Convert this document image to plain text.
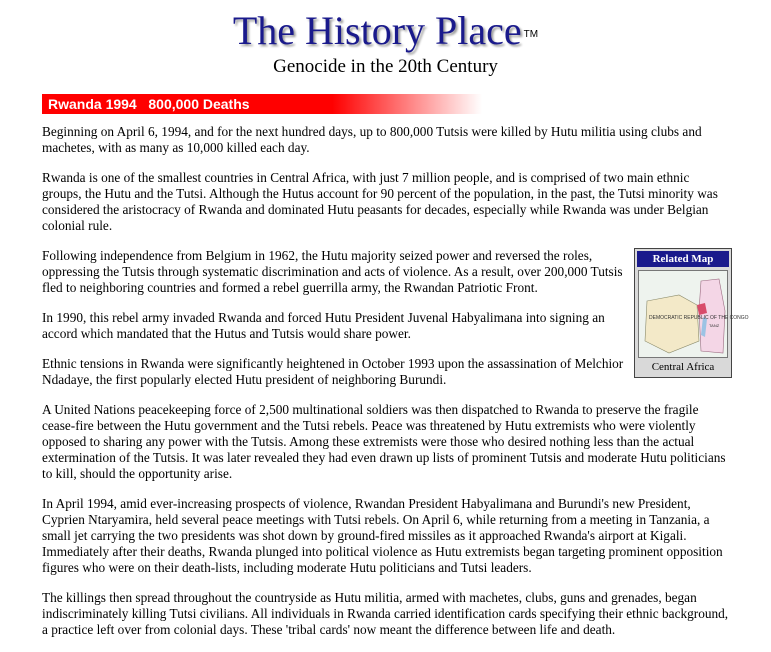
The History Place ™
Genocide in the 20th Century
Rwanda 1994   800,000 Deaths

Beginning on April 6, 1994, and for the next hundred days, up to 800,000 Tutsis were killed by Hutu militia using clubs and machetes, with as many as 10,000 killed each day.

Rwanda is one of the smallest countries in Central Africa, with just 7 million people, and is comprised of two main ethnic groups, the Hutu and the Tutsi. Although the Hutus account for 90 percent of the population, in the past, the Tutsi minority was considered the aristocracy of Rwanda and dominated Hutu peasants for decades, especially while Rwanda was under Belgian colonial rule.

Related Map
DEMOCRATIC REPUBLIC OF THE CONGO
TANZ
Central Africa

Following independence from Belgium in 1962, the Hutu majority seized power and reversed the roles, oppressing the Tutsis through systematic discrimination and acts of violence. As a result, over 200,000 Tutsis fled to neighboring countries and formed a rebel guerrilla army, the Rwandan Patriotic Front.

In 1990, this rebel army invaded Rwanda and forced Hutu President Juvenal Habyalimana into signing an accord which mandated that the Hutus and Tutsis would share power.

Ethnic tensions in Rwanda were significantly heightened in October 1993 upon the assassination of Melchior Ndadaye, the first popularly elected Hutu president of neighboring Burundi.

A United Nations peacekeeping force of 2,500 multinational soldiers was then dispatched to Rwanda to preserve the fragile cease-fire between the Hutu government and the Tutsi rebels. Peace was threatened by Hutu extremists who were violently opposed to sharing any power with the Tutsis. Among these extremists were those who desired nothing less than the actual extermination of the Tutsis. It was later revealed they had even drawn up lists of prominent Tutsis and moderate Hutu politicians to kill, should the opportunity arise.

In April 1994, amid ever-increasing prospects of violence, Rwandan President Habyalimana and Burundi's new President, Cyprien Ntaryamira, held several peace meetings with Tutsi rebels. On April 6, while returning from a meeting in Tanzania, a small jet carrying the two presidents was shot down by ground-fired missiles as it approached Rwanda's airport at Kigali. Immediately after their deaths, Rwanda plunged into political violence as Hutu extremists began targeting prominent opposition figures who were on their death-lists, including moderate Hutu politicians and Tutsi leaders.

The killings then spread throughout the countryside as Hutu militia, armed with machetes, clubs, guns and grenades, began indiscriminately killing Tutsi civilians. All individuals in Rwanda carried identification cards specifying their ethnic background, a practice left over from colonial days. These 'tribal cards' now meant the difference between life and death.
